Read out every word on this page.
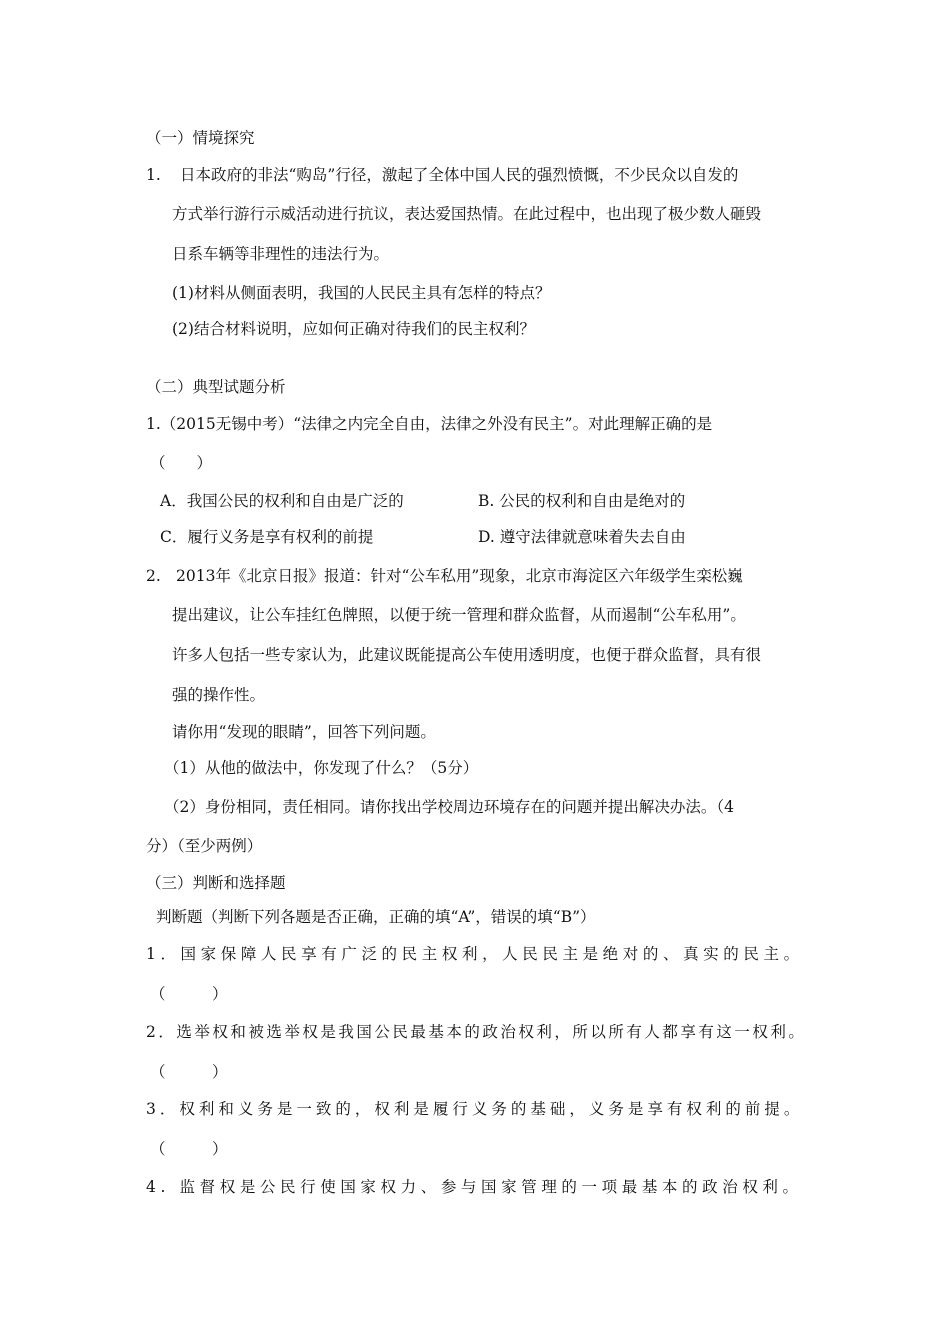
（一）情境探究
1. 日本政府的非法“购岛”行径，激起了全体中国人民的强烈愤慨，不少民众以自发的
方式举行游行示威活动进行抗议，表达爱国热情。在此过程中，也出现了极少数人砸毁
日系车辆等非理性的违法行为。
(1)材料从侧面表明，我国的人民民主具有怎样的特点？
(2)结合材料说明，应如何正确对待我们的民主权利？
（二）典型试题分析
1.（2015无锡中考）“法律之内完全自由，法律之外没有民主”。对此理解正确的是
（　　）
A．我国公民的权利和自由是广泛的	B. 公民的权利和自由是绝对的
C．履行义务是享有权利的前提	D. 遵守法律就意味着失去自由
2. 2013年《北京日报》报道：针对“公车私用”现象，北京市海淀区六年级学生栾松巍
提出建议，让公车挂红色牌照，以便于统一管理和群众监督，从而遏制“公车私用”。
许多人包括一些专家认为，此建议既能提高公车使用透明度，也便于群众监督，具有很
强的操作性。
请你用“发现的眼睛”，回答下列问题。
（1）从他的做法中，你发现了什么？（5分）
（2）身份相同，责任相同。请你找出学校周边环境存在的问题并提出解决办法。（4
分）（至少两例）
（三）判断和选择题
判断题（判断下列各题是否正确，正确的填“A”，错误的填“B”）
1．国家保障人民享有广泛的民主权利，人民民主是绝对的、真实的民主。
（　　　）
2．选举权和被选举权是我国公民最基本的政治权利，所以所有人都享有这一权利。
（　　　）
3．权利和义务是一致的，权利是履行义务的基础，义务是享有权利的前提。
（　　　）
4. 监督权是公民行使国家权力、参与国家管理的一项最基本的政治权利。
